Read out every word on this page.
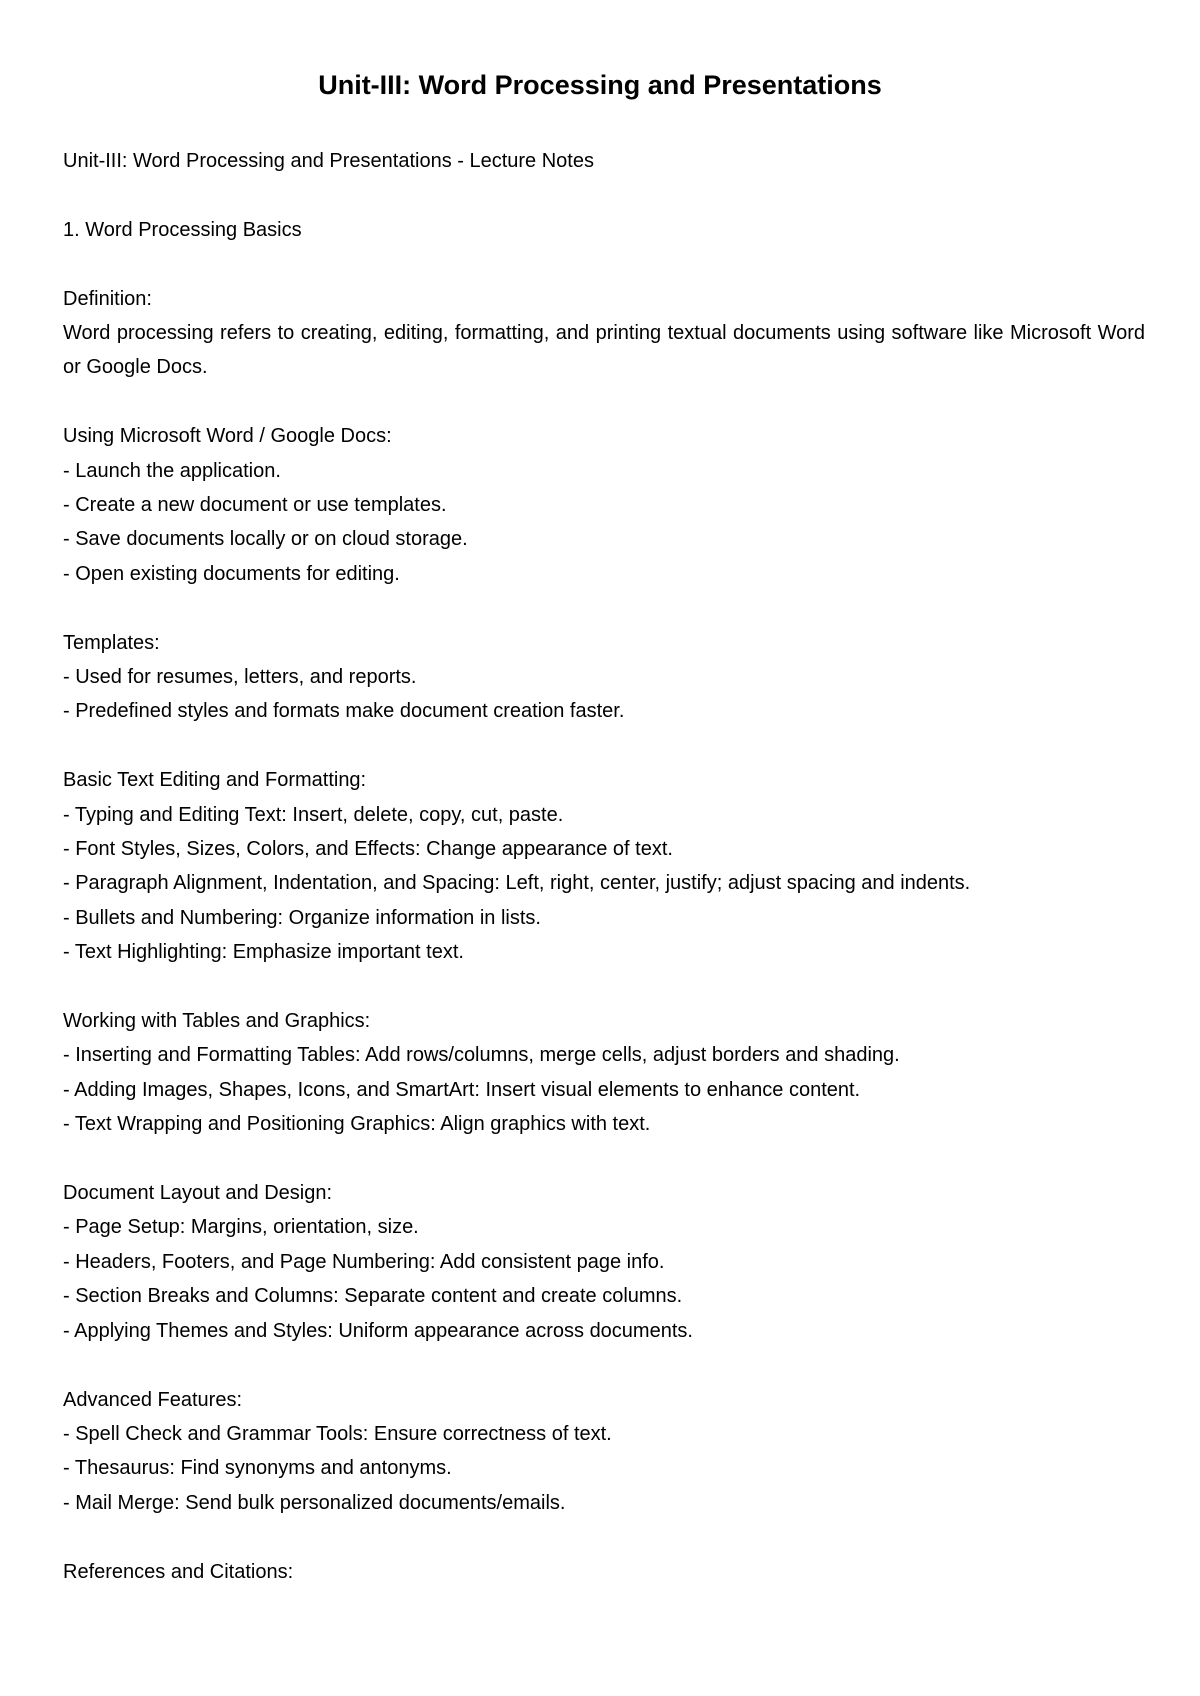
Unit-III: Word Processing and Presentations

Unit-III: Word Processing and Presentations - Lecture Notes

1. Word Processing Basics

Definition:

Word processing refers to creating, editing, formatting, and printing textual documents using software like Microsoft Word or Google Docs.

Using Microsoft Word / Google Docs:

- Launch the application.

- Create a new document or use templates.

- Save documents locally or on cloud storage.

- Open existing documents for editing.

Templates:

- Used for resumes, letters, and reports.

- Predefined styles and formats make document creation faster.

Basic Text Editing and Formatting:

- Typing and Editing Text: Insert, delete, copy, cut, paste.

- Font Styles, Sizes, Colors, and Effects: Change appearance of text.

- Paragraph Alignment, Indentation, and Spacing: Left, right, center, justify; adjust spacing and indents.

- Bullets and Numbering: Organize information in lists.

- Text Highlighting: Emphasize important text.

Working with Tables and Graphics:

- Inserting and Formatting Tables: Add rows/columns, merge cells, adjust borders and shading.

- Adding Images, Shapes, Icons, and SmartArt: Insert visual elements to enhance content.

- Text Wrapping and Positioning Graphics: Align graphics with text.

Document Layout and Design:

- Page Setup: Margins, orientation, size.

- Headers, Footers, and Page Numbering: Add consistent page info.

- Section Breaks and Columns: Separate content and create columns.

- Applying Themes and Styles: Uniform appearance across documents.

Advanced Features:

- Spell Check and Grammar Tools: Ensure correctness of text.

- Thesaurus: Find synonyms and antonyms.

- Mail Merge: Send bulk personalized documents/emails.

References and Citations:
